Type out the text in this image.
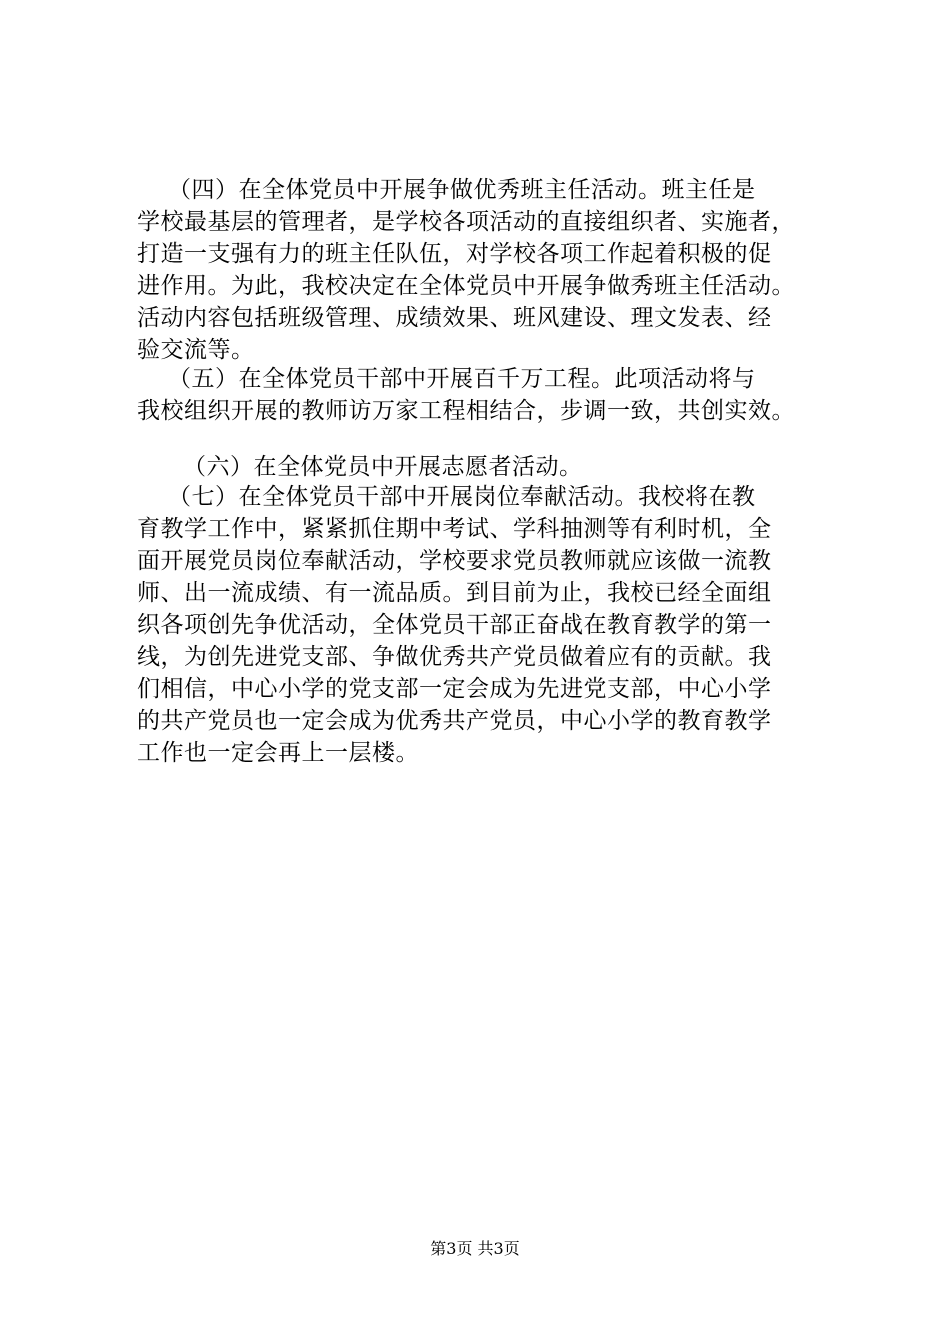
（四）在全体党员中开展争做优秀班主任活动。班主任是
学校最基层的管理者，是学校各项活动的直接组织者、实施者，
打造一支强有力的班主任队伍，对学校各项工作起着积极的促
进作用。为此，我校决定在全体党员中开展争做秀班主任活动。
活动内容包括班级管理、成绩效果、班风建设、理文发表、经
验交流等。
（五）在全体党员干部中开展百千万工程。此项活动将与
我校组织开展的教师访万家工程相结合，步调一致，共创实效。
（六）在全体党员中开展志愿者活动。
（七）在全体党员干部中开展岗位奉献活动。我校将在教
育教学工作中，紧紧抓住期中考试、学科抽测等有利时机，全
面开展党员岗位奉献活动，学校要求党员教师就应该做一流教
师、出一流成绩、有一流品质。到目前为止，我校已经全面组
织各项创先争优活动，全体党员干部正奋战在教育教学的第一
线，为创先进党支部、争做优秀共产党员做着应有的贡献。我
们相信，中心小学的党支部一定会成为先进党支部，中心小学
的共产党员也一定会成为优秀共产党员，中心小学的教育教学
工作也一定会再上一层楼。
第3页 共3页
